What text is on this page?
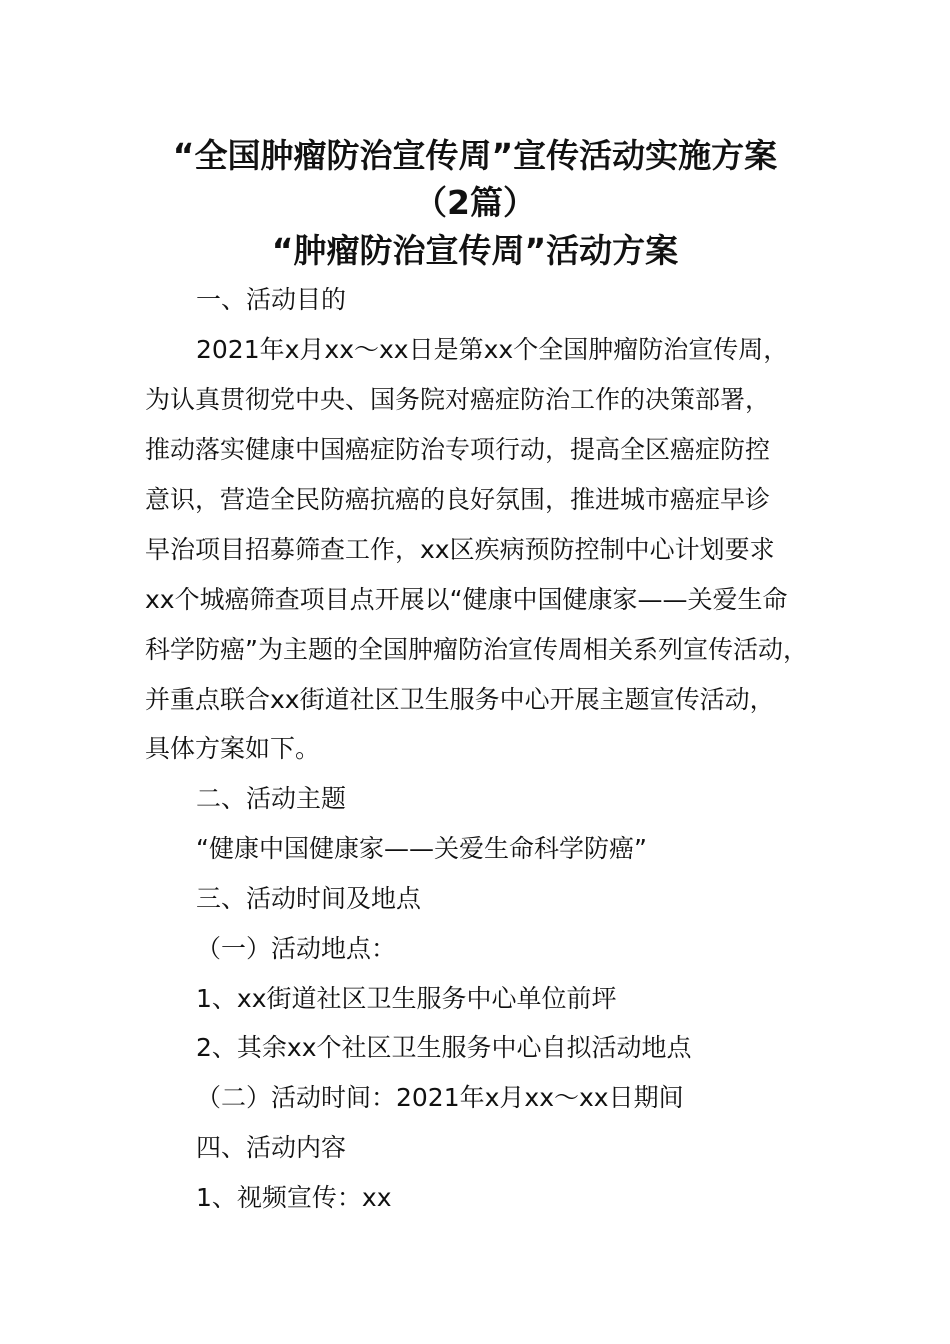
“全国肿瘤防治宣传周”宣传活动实施方案
（2篇）
“肿瘤防治宣传周”活动方案
一、活动目的
2021年x月xx～xx日是第xx个全国肿瘤防治宣传周，
为认真贯彻党中央、国务院对癌症防治工作的决策部署，
推动落实健康中国癌症防治专项行动，提高全区癌症防控
意识，营造全民防癌抗癌的良好氛围，推进城市癌症早诊
早治项目招募筛查工作，xx区疾病预防控制中心计划要求
xx个城癌筛查项目点开展以“健康中国健康家——关爱生命
科学防癌”为主题的全国肿瘤防治宣传周相关系列宣传活动，
并重点联合xx街道社区卫生服务中心开展主题宣传活动，
具体方案如下。
二、活动主题
“健康中国健康家——关爱生命科学防癌”
三、活动时间及地点
（一）活动地点：
1、xx街道社区卫生服务中心单位前坪
2、其余xx个社区卫生服务中心自拟活动地点
（二）活动时间：2021年x月xx～xx日期间
四、活动内容
1、视频宣传：xx
